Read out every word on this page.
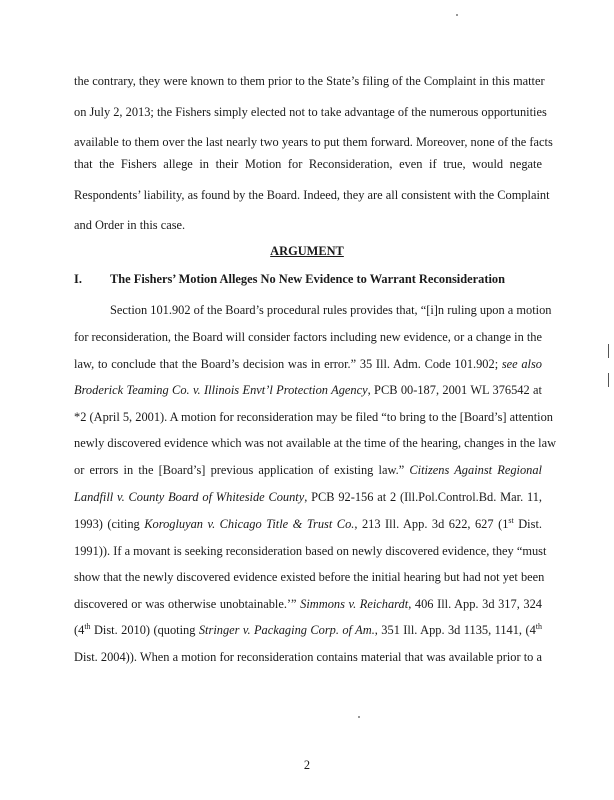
the contrary, they were known to them prior to the State’s filing of the Complaint in this matter
on July 2, 2013; the Fishers simply elected not to take advantage of the numerous opportunities
available to them over the last nearly two years to put them forward. Moreover, none of the facts
that the Fishers allege in their Motion for Reconsideration, even if true, would negate
Respondents’ liability, as found by the Board. Indeed, they are all consistent with the Complaint
and Order in this case.
ARGUMENT
I. The Fishers’ Motion Alleges No New Evidence to Warrant Reconsideration
Section 101.902 of the Board’s procedural rules provides that, “[i]n ruling upon a motion
for reconsideration, the Board will consider factors including new evidence, or a change in the
law, to conclude that the Board’s decision was in error.” 35 Ill. Adm. Code 101.902; see also
Broderick Teaming Co. v. Illinois Envt’l Protection Agency, PCB 00-187, 2001 WL 376542 at
*2 (April 5, 2001). A motion for reconsideration may be filed “to bring to the [Board’s] attention
newly discovered evidence which was not available at the time of the hearing, changes in the law
or errors in the [Board’s] previous application of existing law.” Citizens Against Regional
Landfill v. County Board of Whiteside County, PCB 92-156 at 2 (Ill.Pol.Control.Bd. Mar. 11,
1993) (citing Korogluyan v. Chicago Title & Trust Co., 213 Ill. App. 3d 622, 627 (1st Dist.
1991)). If a movant is seeking reconsideration based on newly discovered evidence, they “must
show that the newly discovered evidence existed before the initial hearing but had not yet been
discovered or was otherwise unobtainable.’” Simmons v. Reichardt, 406 Ill. App. 3d 317, 324
(4th Dist. 2010) (quoting Stringer v. Packaging Corp. of Am., 351 Ill. App. 3d 1135, 1141, (4th
Dist. 2004)). When a motion for reconsideration contains material that was available prior to a
2
